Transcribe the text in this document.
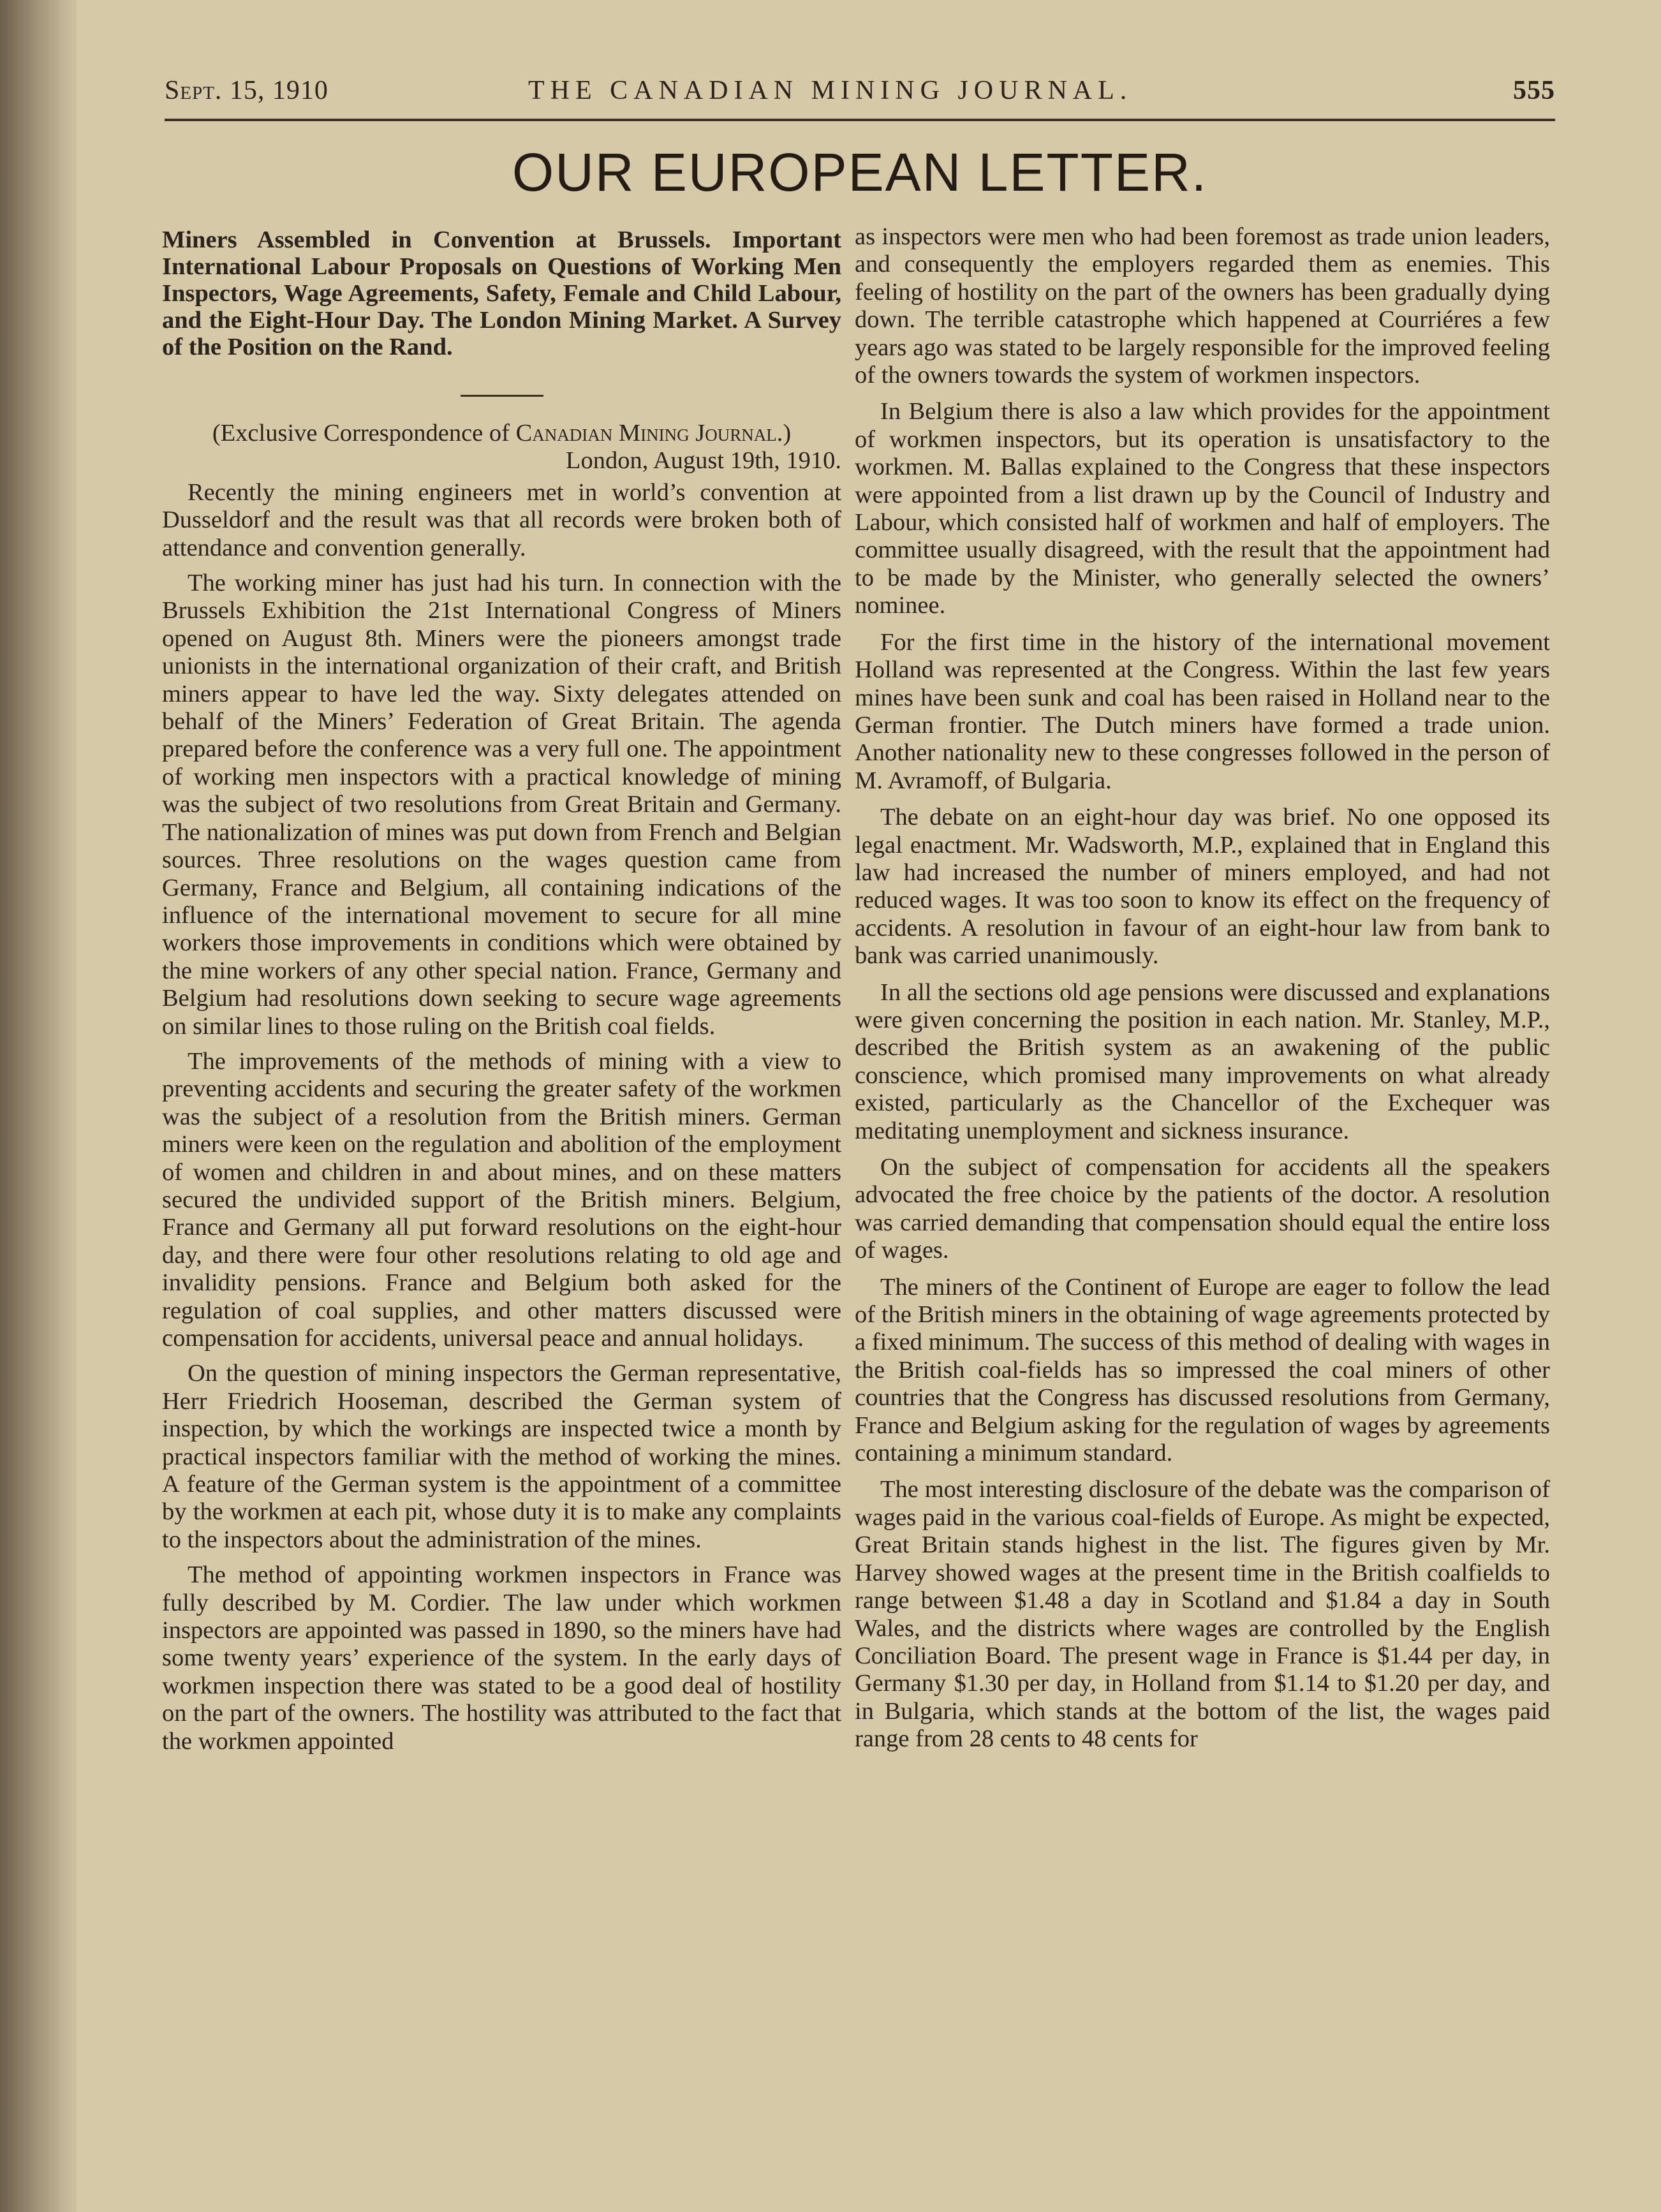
Sept. 15, 1910	THE CANADIAN MINING JOURNAL.	555
OUR EUROPEAN LETTER.

Miners Assembled in Convention at Brussels. Important International Labour Proposals on Questions of Working Men Inspectors, Wage Agreements, Safety, Female and Child Labour, and the Eight-Hour Day. The London Mining Market. A Survey of the Position on the Rand.

(Exclusive Correspondence of Canadian Mining Journal.)

London, August 19th, 1910.

Recently the mining engineers met in world’s convention at Dusseldorf and the result was that all records were broken both of attendance and convention generally.

The working miner has just had his turn. In connection with the Brussels Exhibition the 21st International Congress of Miners opened on August 8th. Miners were the pioneers amongst trade unionists in the international organization of their craft, and British miners appear to have led the way. Sixty delegates attended on behalf of the Miners’ Federation of Great Britain. The agenda prepared before the conference was a very full one. The appointment of working men inspectors with a practical knowledge of mining was the subject of two resolutions from Great Britain and Germany. The nationalization of mines was put down from French and Belgian sources. Three resolutions on the wages question came from Germany, France and Belgium, all containing indications of the influence of the international movement to secure for all mine workers those improvements in conditions which were obtained by the mine workers of any other special nation. France, Germany and Belgium had resolutions down seeking to secure wage agreements on similar lines to those ruling on the British coal fields.

The improvements of the methods of mining with a view to preventing accidents and securing the greater safety of the workmen was the subject of a resolution from the British miners. German miners were keen on the regulation and abolition of the employment of women and children in and about mines, and on these matters secured the undivided support of the British miners. Belgium, France and Germany all put forward resolutions on the eight-hour day, and there were four other resolutions relating to old age and invalidity pensions. France and Belgium both asked for the regulation of coal supplies, and other matters discussed were compensation for accidents, universal peace and annual holidays.

On the question of mining inspectors the German representative, Herr Friedrich Hooseman, described the German system of inspection, by which the workings are inspected twice a month by practical inspectors familiar with the method of working the mines. A feature of the German system is the appointment of a committee by the workmen at each pit, whose duty it is to make any complaints to the inspectors about the administration of the mines.

The method of appointing workmen inspectors in France was fully described by M. Cordier. The law under which workmen inspectors are appointed was passed in 1890, so the miners have had some twenty years’ experience of the system. In the early days of workmen inspection there was stated to be a good deal of hostility on the part of the owners. The hostility was attributed to the fact that the workmen appointed

as inspectors were men who had been foremost as trade union leaders, and consequently the employers regarded them as enemies. This feeling of hostility on the part of the owners has been gradually dying down. The terrible catastrophe which happened at Courriéres a few years ago was stated to be largely responsible for the improved feeling of the owners towards the system of workmen inspectors.

In Belgium there is also a law which provides for the appointment of workmen inspectors, but its operation is unsatisfactory to the workmen. M. Ballas explained to the Congress that these inspectors were appointed from a list drawn up by the Council of Industry and Labour, which consisted half of workmen and half of employers. The committee usually disagreed, with the result that the appointment had to be made by the Minister, who generally selected the owners’ nominee.

For the first time in the history of the international movement Holland was represented at the Congress. Within the last few years mines have been sunk and coal has been raised in Holland near to the German frontier. The Dutch miners have formed a trade union. Another nationality new to these congresses followed in the person of M. Avramoff, of Bulgaria.

The debate on an eight-hour day was brief. No one opposed its legal enactment. Mr. Wadsworth, M.P., explained that in England this law had increased the number of miners employed, and had not reduced wages. It was too soon to know its effect on the frequency of accidents. A resolution in favour of an eight-hour law from bank to bank was carried unanimously.

In all the sections old age pensions were discussed and explanations were given concerning the position in each nation. Mr. Stanley, M.P., described the British system as an awakening of the public conscience, which promised many improvements on what already existed, particularly as the Chancellor of the Exchequer was meditating unemployment and sickness insurance.

On the subject of compensation for accidents all the speakers advocated the free choice by the patients of the doctor. A resolution was carried demanding that compensation should equal the entire loss of wages.

The miners of the Continent of Europe are eager to follow the lead of the British miners in the obtaining of wage agreements protected by a fixed minimum. The success of this method of dealing with wages in the British coal-fields has so impressed the coal miners of other countries that the Congress has discussed resolutions from Germany, France and Belgium asking for the regulation of wages by agreements containing a minimum standard.

The most interesting disclosure of the debate was the comparison of wages paid in the various coal-fields of Europe. As might be expected, Great Britain stands highest in the list. The figures given by Mr. Harvey showed wages at the present time in the British coalfields to range between $1.48 a day in Scotland and $1.84 a day in South Wales, and the districts where wages are controlled by the English Conciliation Board. The present wage in France is $1.44 per day, in Germany $1.30 per day, in Holland from $1.14 to $1.20 per day, and in Bulgaria, which stands at the bottom of the list, the wages paid range from 28 cents to 48 cents for
